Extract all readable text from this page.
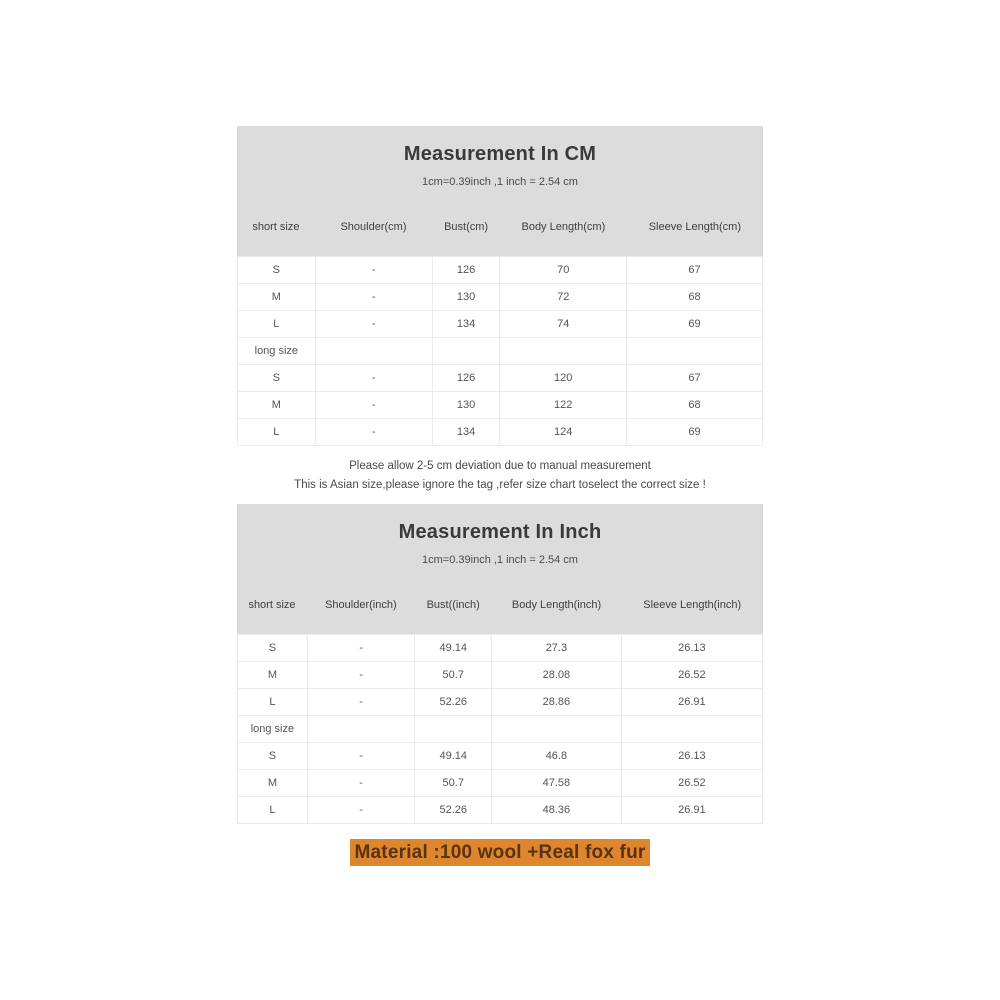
Measurement In CM
1cm=0.39inch ,1 inch = 2.54 cm
short size	Shoulder(cm)	Bust(cm)	Body Length(cm)	Sleeve Length(cm)
S	-	126	70	67
M	-	130	72	68
L	-	134	74	69
long size				
S	-	126	120	67
M	-	130	122	68
L	-	134	124	69
Please allow 2-5 cm deviation due to manual measurement
This is Asian size,please ignore the tag ,refer size chart toselect the correct size !
Measurement In Inch
1cm=0.39inch ,1 inch = 2.54 cm
short size	Shoulder(inch)	Bust((inch)	Body Length(inch)	Sleeve Length(inch)
S	-	49.14	27.3	26.13
M	-	50.7	28.08	26.52
L	-	52.26	28.86	26.91
long size				
S	-	49.14	46.8	26.13
M	-	50.7	47.58	26.52
L	-	52.26	48.36	26.91
Material :100 wool +Real fox fur
